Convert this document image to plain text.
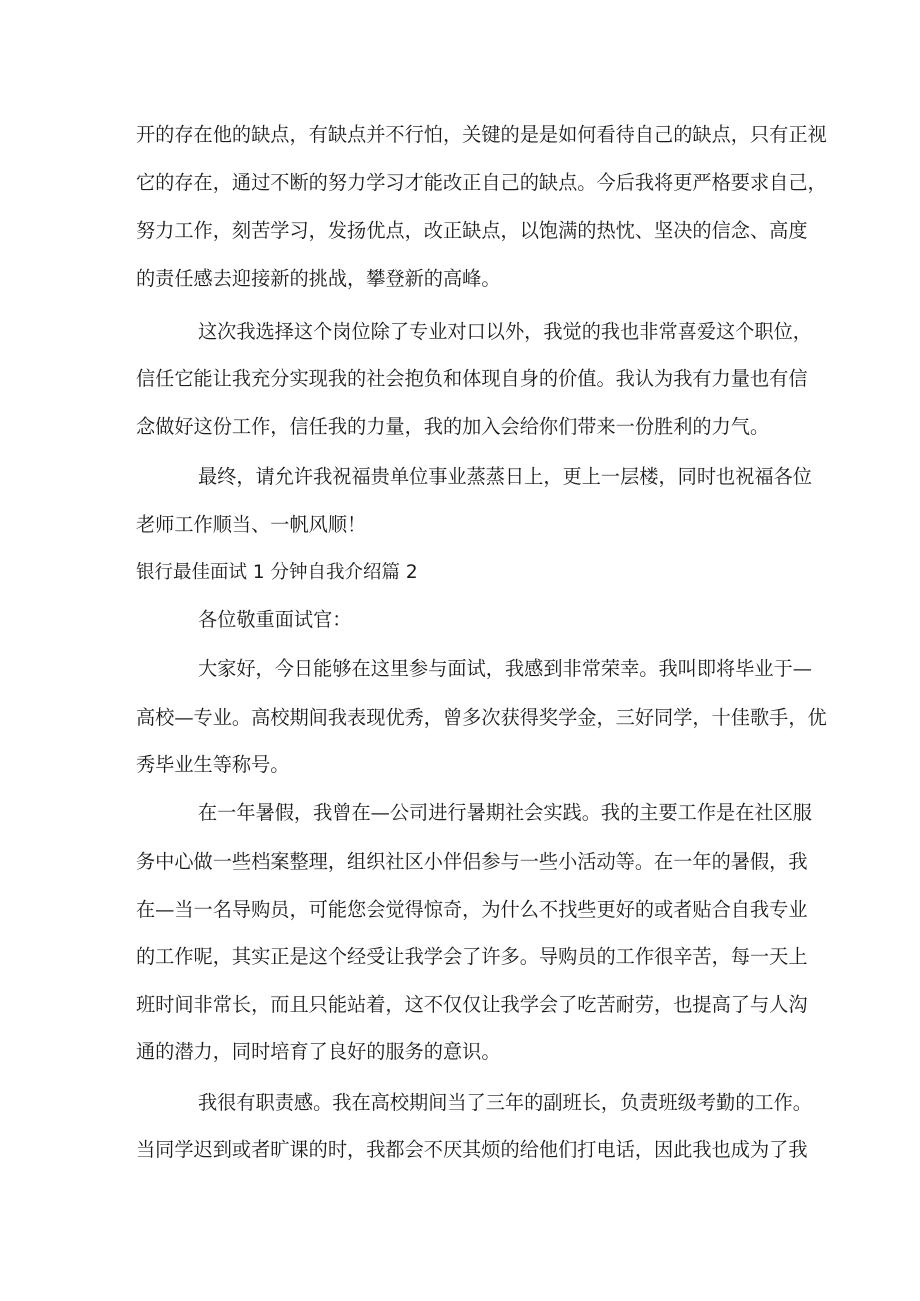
开的存在他的缺点，有缺点并不行怕，关键的是是如何看待自己的缺点，只有正视
它的存在，通过不断的努力学习才能改正自己的缺点。今后我将更严格要求自己，
努力工作，刻苦学习，发扬优点，改正缺点，以饱满的热忱、坚决的信念、高度
的责任感去迎接新的挑战，攀登新的高峰。
这次我选择这个岗位除了专业对口以外，我觉的我也非常喜爱这个职位，
信任它能让我充分实现我的社会抱负和体现自身的价值。我认为我有力量也有信
念做好这份工作，信任我的力量，我的加入会给你们带来一份胜利的力气。
最终，请允许我祝福贵单位事业蒸蒸日上，更上一层楼，同时也祝福各位
老师工作顺当、一帆风顺！
银行最佳面试 1 分钟自我介绍篇 2
各位敬重面试官：
大家好，今日能够在这里参与面试，我感到非常荣幸。我叫即将毕业于—
高校—专业。高校期间我表现优秀，曾多次获得奖学金，三好同学，十佳歌手，优
秀毕业生等称号。
在一年暑假，我曾在—公司进行暑期社会实践。我的主要工作是在社区服
务中心做一些档案整理，组织社区小伴侣参与一些小活动等。在一年的暑假，我
在—当一名导购员，可能您会觉得惊奇，为什么不找些更好的或者贴合自我专业
的工作呢，其实正是这个经受让我学会了许多。导购员的工作很辛苦，每一天上
班时间非常长，而且只能站着，这不仅仅让我学会了吃苦耐劳，也提高了与人沟
通的潜力，同时培育了良好的服务的意识。
我很有职责感。我在高校期间当了三年的副班长，负责班级考勤的工作。
当同学迟到或者旷课的时，我都会不厌其烦的给他们打电话，因此我也成为了我
